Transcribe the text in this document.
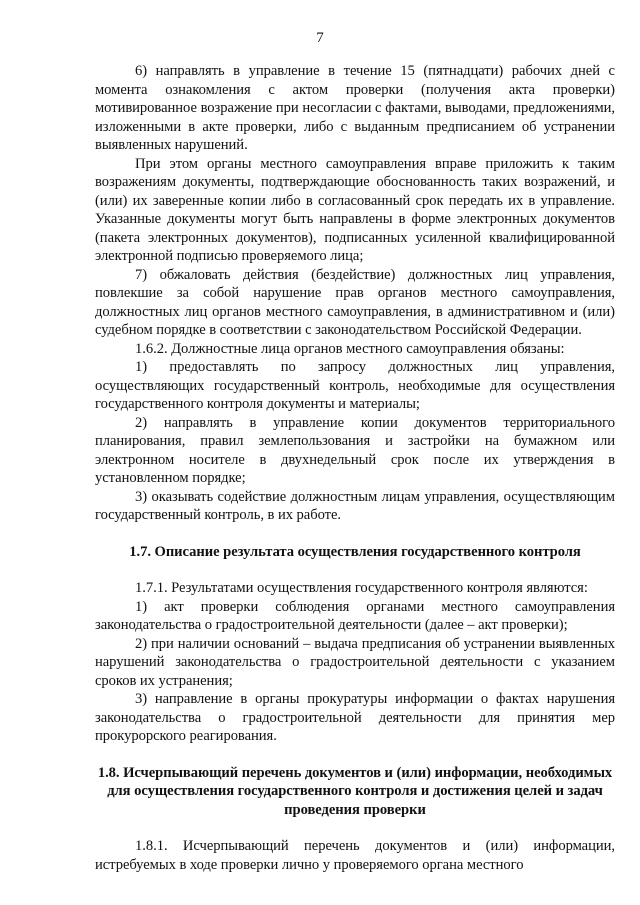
7

6) направлять в управление в течение 15 (пятнадцати) рабочих дней с момента ознакомления с актом проверки (получения акта проверки) мотивированное возражение при несогласии с фактами, выводами, предложениями, изложенными в акте проверки, либо с выданным предписанием об устранении выявленных нарушений.

При этом органы местного самоуправления вправе приложить к таким возражениям документы, подтверждающие обоснованность таких возражений, и (или) их заверенные копии либо в согласованный срок передать их в управление. Указанные документы могут быть направлены в форме электронных документов (пакета электронных документов), подписанных усиленной квалифицированной электронной подписью проверяемого лица;

7) обжаловать действия (бездействие) должностных лиц управления, повлекшие за собой нарушение прав органов местного самоуправления, должностных лиц органов местного самоуправления, в административном и (или) судебном порядке в соответствии с законодательством Российской Федерации.

1.6.2. Должностные лица органов местного самоуправления обязаны:

1) предоставлять по запросу должностных лиц управления, осуществляющих государственный контроль, необходимые для осуществления государственного контроля документы и материалы;

2) направлять в управление копии документов территориального планирования, правил землепользования и застройки на бумажном или электронном носителе в двухнедельный срок после их утверждения в установленном порядке;

3) оказывать содействие должностным лицам управления, осуществляющим государственный контроль, в их работе.

1.7. Описание результата осуществления государственного контроля

1.7.1. Результатами осуществления государственного контроля являются:

1) акт проверки соблюдения органами местного самоуправления законодательства о градостроительной деятельности (далее – акт проверки);

2) при наличии оснований – выдача предписания об устранении выявленных нарушений законодательства о градостроительной деятельности с указанием сроков их устранения;

3) направление в органы прокуратуры информации о фактах нарушения законодательства о градостроительной деятельности для принятия мер прокурорского реагирования.

1.8. Исчерпывающий перечень документов и (или) информации, необходимых для осуществления государственного контроля и достижения целей и задач проведения проверки

1.8.1. Исчерпывающий перечень документов и (или) информации, истребуемых в ходе проверки лично у проверяемого органа местного
